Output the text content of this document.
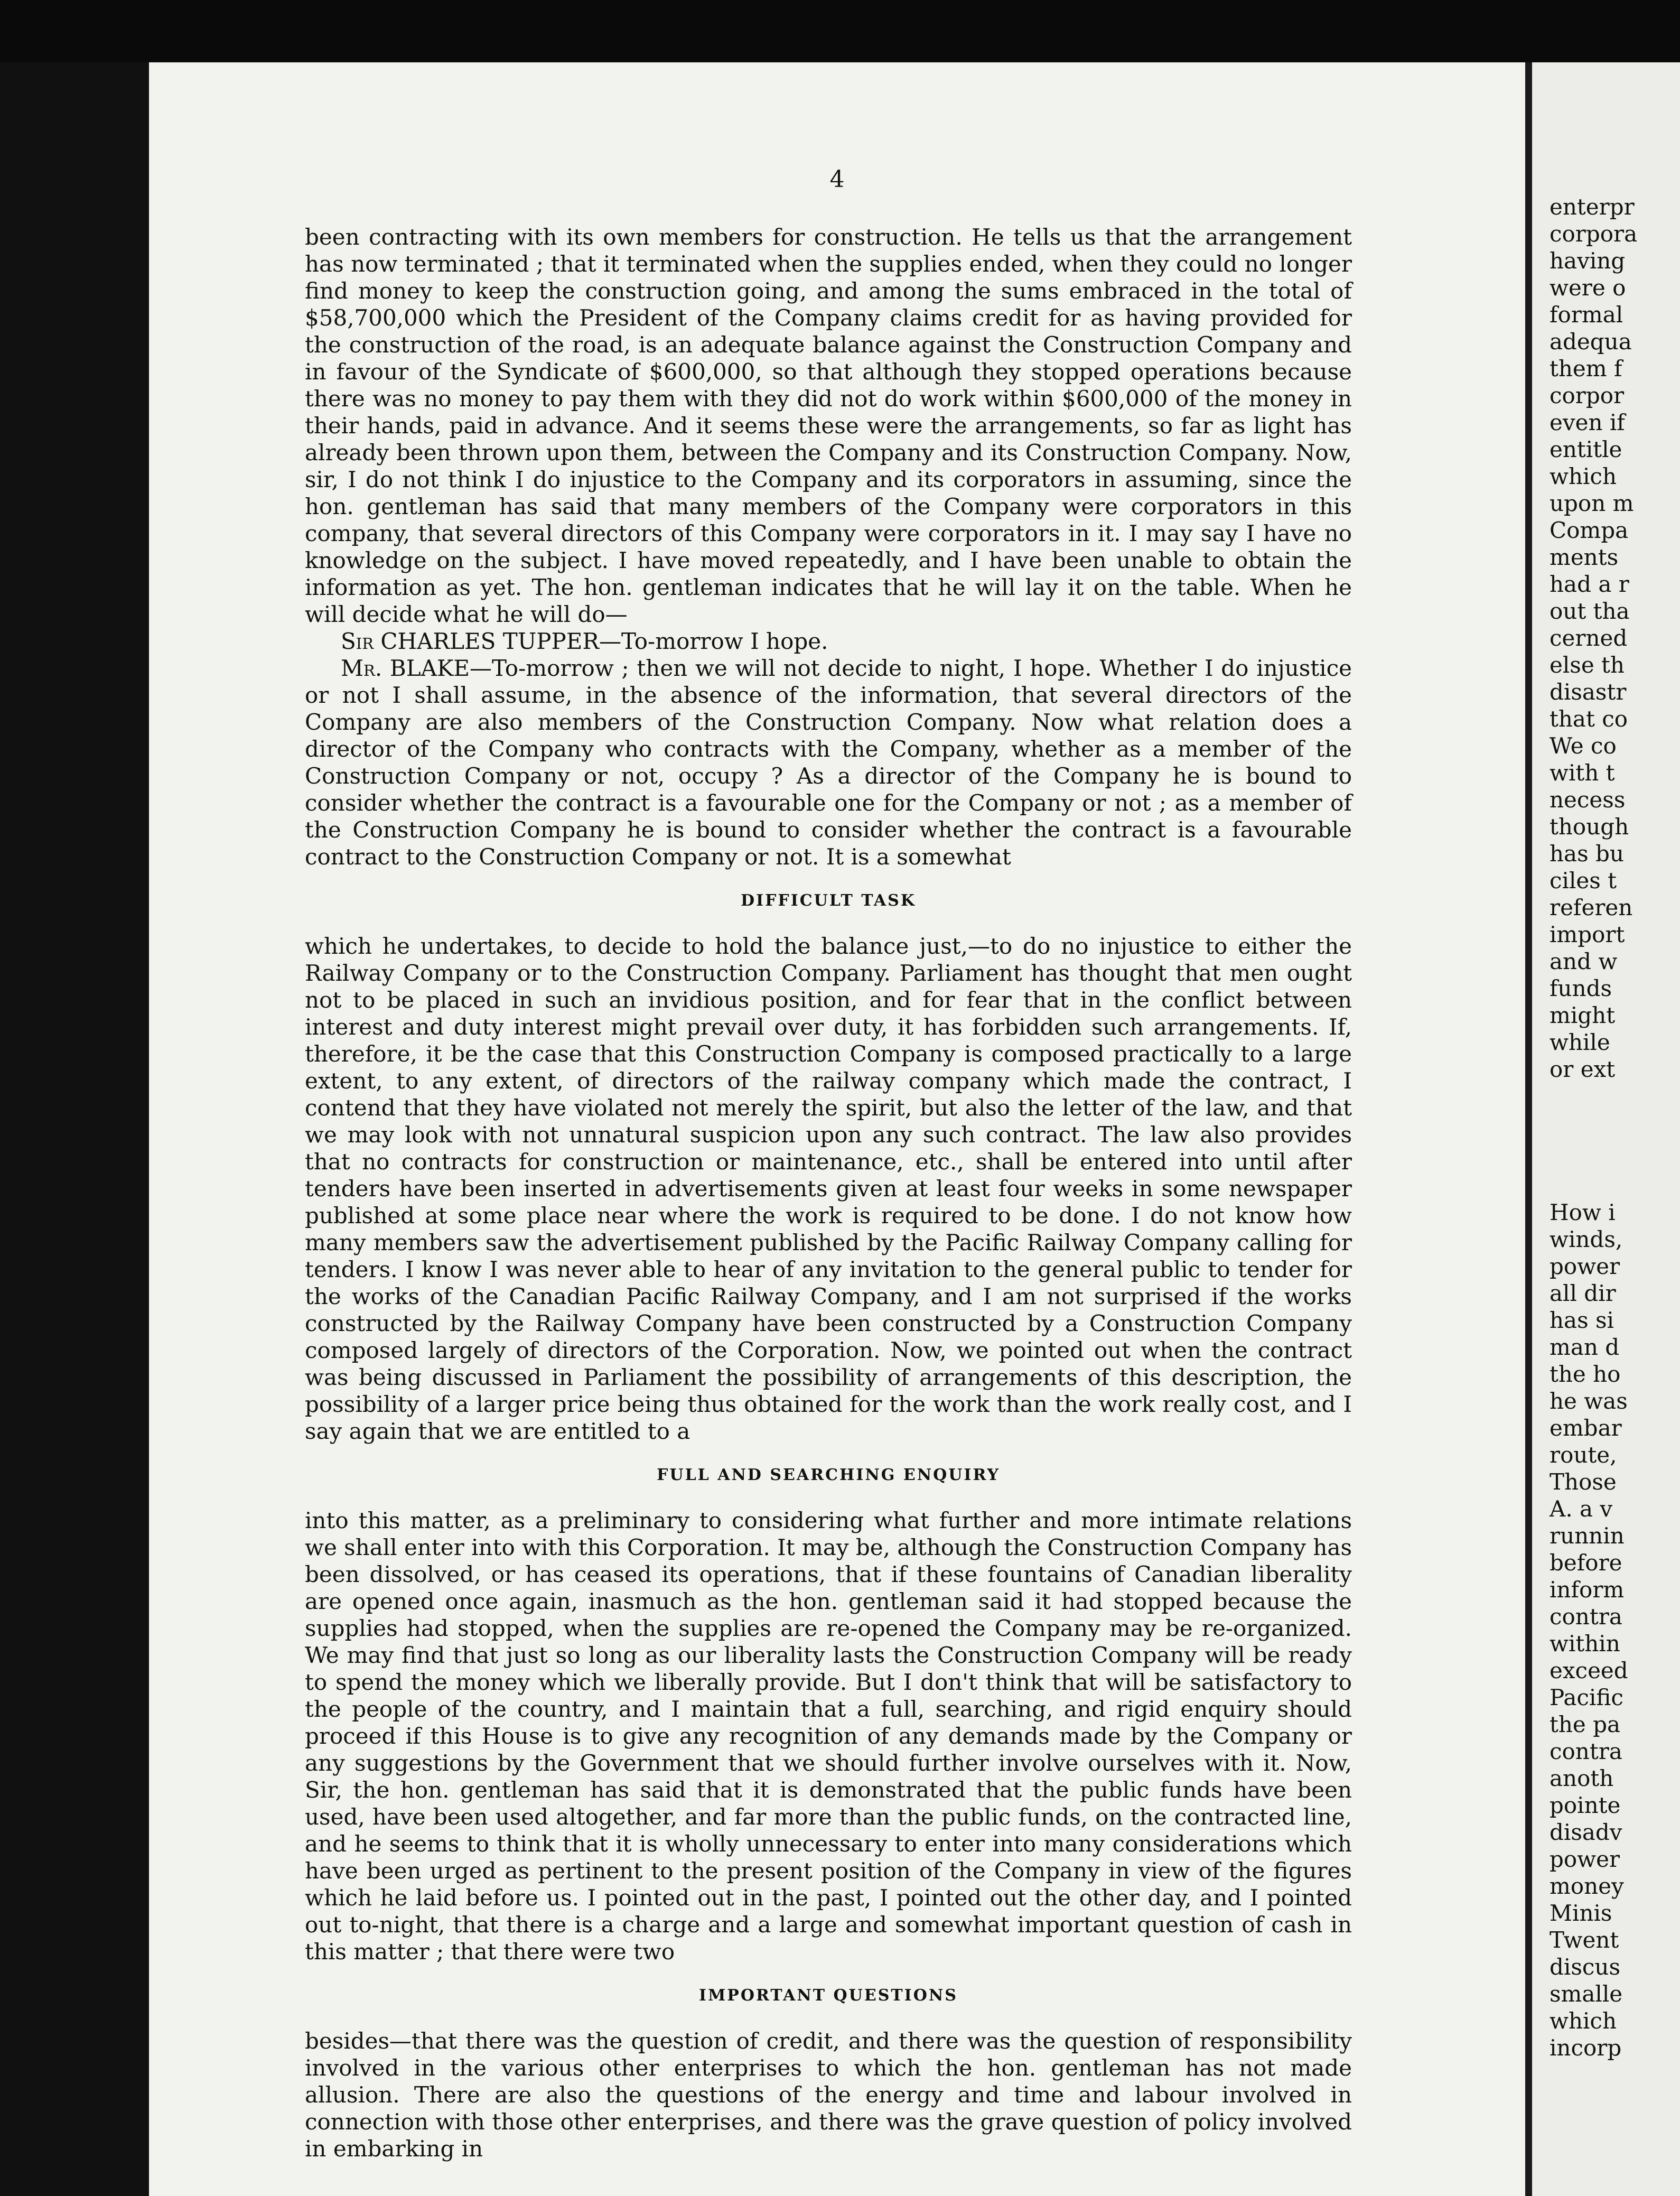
4

been contracting with its own members for construction. He tells us that the arrangement has now terminated ; that it terminated when the supplies ended, when they could no longer find money to keep the construction going, and among the sums embraced in the total of $58,700,000 which the President of the Company claims credit for as having provided for the construction of the road, is an adequate balance against the Construction Company and in favour of the Syndicate of $600,000, so that although they stopped operations because there was no money to pay them with they did not do work within $600,000 of the money in their hands, paid in advance. And it seems these were the arrangements, so far as light has already been thrown upon them, between the Company and its Construction Company. Now, sir, I do not think I do injustice to the Company and its corporators in assuming, since the hon. gentleman has said that many members of the Company were corporators in this company, that several directors of this Company were corporators in it. I may say I have no knowledge on the subject. I have moved repeatedly, and I have been unable to obtain the information as yet. The hon. gentleman indicates that he will lay it on the table. When he will decide what he will do—

Sir CHARLES TUPPER—To-morrow I hope.

Mr. BLAKE—To-morrow ; then we will not decide to night, I hope. Whether I do injustice or not I shall assume, in the absence of the information, that several directors of the Company are also members of the Construction Company. Now what relation does a director of the Company who contracts with the Company, whether as a member of the Construction Company or not, occupy ? As a director of the Company he is bound to consider whether the contract is a favourable one for the Company or not ; as a member of the Construction Company he is bound to consider whether the contract is a favourable contract to the Construction Company or not. It is a somewhat

DIFFICULT TASK

which he undertakes, to decide to hold the balance just,—to do no injustice to either the Railway Company or to the Construction Company. Parliament has thought that men ought not to be placed in such an invidious position, and for fear that in the conflict between interest and duty interest might prevail over duty, it has forbidden such arrangements. If, therefore, it be the case that this Construction Company is composed practically to a large extent, to any extent, of directors of the railway company which made the contract, I contend that they have violated not merely the spirit, but also the letter of the law, and that we may look with not unnatural suspicion upon any such contract. The law also provides that no contracts for construction or maintenance, etc., shall be entered into until after tenders have been inserted in advertisements given at least four weeks in some newspaper published at some place near where the work is required to be done. I do not know how many members saw the advertisement published by the Pacific Railway Company calling for tenders. I know I was never able to hear of any invitation to the general public to tender for the works of the Canadian Pacific Railway Company, and I am not surprised if the works constructed by the Railway Company have been constructed by a Construction Company composed largely of directors of the Corporation. Now, we pointed out when the contract was being discussed in Parliament the possibility of arrangements of this description, the possibility of a larger price being thus obtained for the work than the work really cost, and I say again that we are entitled to a

FULL AND SEARCHING ENQUIRY

into this matter, as a preliminary to considering what further and more intimate relations we shall enter into with this Corporation. It may be, although the Construction Company has been dissolved, or has ceased its operations, that if these fountains of Canadian liberality are opened once again, inasmuch as the hon. gentleman said it had stopped because the supplies had stopped, when the supplies are re-opened the Company may be re-organized. We may find that just so long as our liberality lasts the Construction Company will be ready to spend the money which we liberally provide. But I don't think that will be satisfactory to the people of the country, and I maintain that a full, searching, and rigid enquiry should proceed if this House is to give any recognition of any demands made by the Company or any suggestions by the Government that we should further involve ourselves with it. Now, Sir, the hon. gentleman has said that it is demonstrated that the public funds have been used, have been used altogether, and far more than the public funds, on the contracted line, and he seems to think that it is wholly unnecessary to enter into many considerations which have been urged as pertinent to the present position of the Company in view of the figures which he laid before us. I pointed out in the past, I pointed out the other day, and I pointed out to-night, that there is a charge and a large and somewhat important question of cash in this matter ; that there were two

IMPORTANT QUESTIONS

besides—that there was the question of credit, and there was the question of responsibility involved in the various other enterprises to which the hon. gentleman has not made allusion. There are also the questions of the energy and time and labour involved in connection with those other enterprises, and there was the grave question of policy involved in embarking in

enterpr
corpora
having
were o
formal
adequa
them f
corpor
even if
entitle
which
upon m
Compa
ments
had a r
out tha
cerned
else th
disastr
that co
We co
with t
necess
though
has bu
ciles t
referen
import
and w
funds
might
while
or ext
How i
winds,
power
all dir
has si
man d
the ho
he was
embar
route,
Those
A. a v
runnin
before
inform
contra
within
exceed
Pacific
the pa
contra
anoth
pointe
disadv
power
money
Minis
Twent
discus
smalle
which
incorp
